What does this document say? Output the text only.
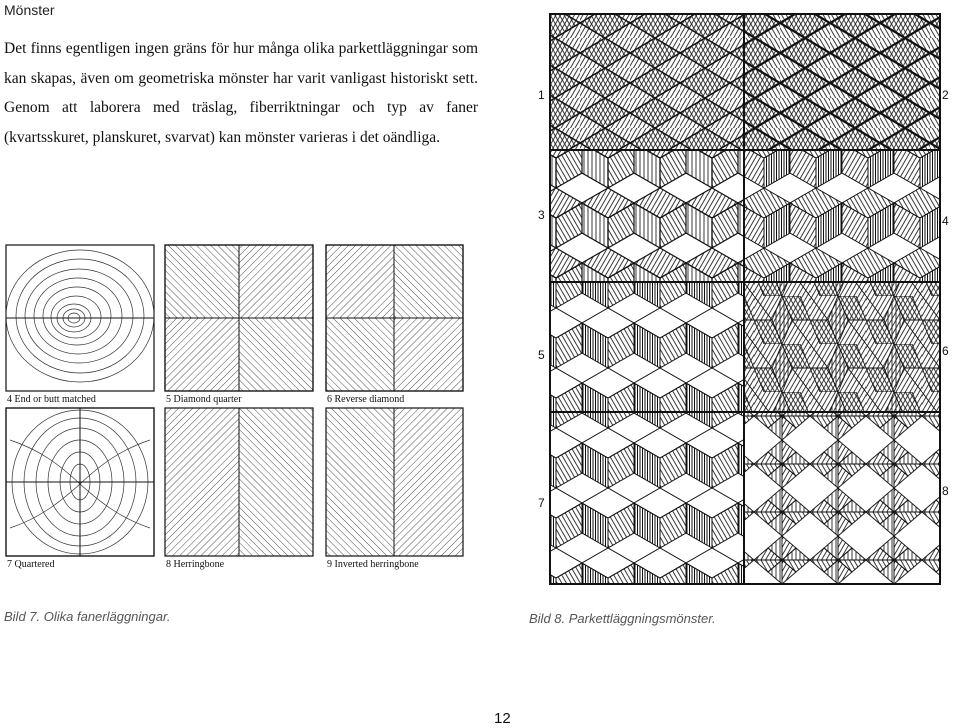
Mönster
Det finns egentligen ingen gräns för hur många olika parkettläggningar som kan skapas, även om geometriska mönster har varit vanligast historiskt sett. Genom att laborera med träslag, fiberriktningar och typ av faner (kvartsskuret, planskuret, svarvat) kan mönster varieras i det oändliga.
4 End or butt matched	5 Diamond quarter	6 Reverse diamond
7 Quartered	8 Herringbone	9 Inverted herringbone
Bild 7. Olika fanerläggningar.
1	2
3	4
5	6
7
8
Bild 8. Parkettläggningsmönster.
12
